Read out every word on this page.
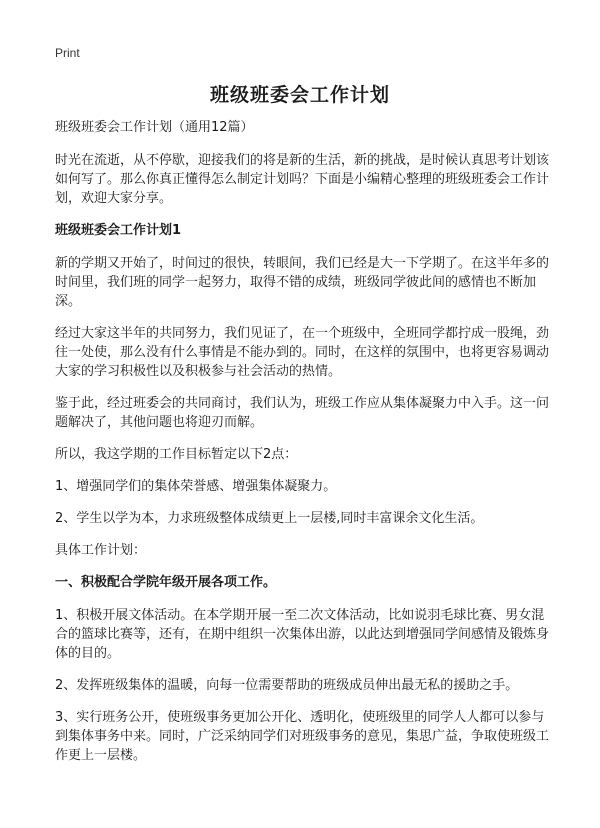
Print
班级班委会工作计划

班级班委会工作计划（通用12篇）

时光在流逝，从不停歇，迎接我们的将是新的生活，新的挑战，是时候认真思考计划该如何写了。那么你真正懂得怎么制定计划吗？下面是小编精心整理的班级班委会工作计划，欢迎大家分享。

班级班委会工作计划1

新的学期又开始了，时间过的很快，转眼间，我们已经是大一下学期了。在这半年多的时间里，我们班的同学一起努力，取得不错的成绩，班级同学彼此间的感情也不断加深。

经过大家这半年的共同努力，我们见证了，在一个班级中，全班同学都拧成一股绳，劲往一处使，那么没有什么事情是不能办到的。同时，在这样的氛围中，也将更容易调动大家的学习积极性以及积极参与社会活动的热情。

鉴于此，经过班委会的共同商讨，我们认为，班级工作应从集体凝聚力中入手。这一问题解决了，其他问题也将迎刃而解。

所以，我这学期的工作目标暂定以下2点：

1、增强同学们的集体荣誉感、增强集体凝聚力。

2、学生以学为本，力求班级整体成绩更上一层楼,同时丰富课余文化生活。

具体工作计划：

一、积极配合学院年级开展各项工作。

1、积极开展文体活动。在本学期开展一至二次文体活动，比如说羽毛球比赛、男女混合的篮球比赛等，还有，在期中组织一次集体出游，以此达到增强同学间感情及锻炼身体的目的。

2、发挥班级集体的温暖，向每一位需要帮助的班级成员伸出最无私的援助之手。

3、实行班务公开，使班级事务更加公开化、透明化，使班级里的同学人人都可以参与到集体事务中来。同时，广泛采纳同学们对班级事务的意见，集思广益，争取使班级工作更上一层楼。
